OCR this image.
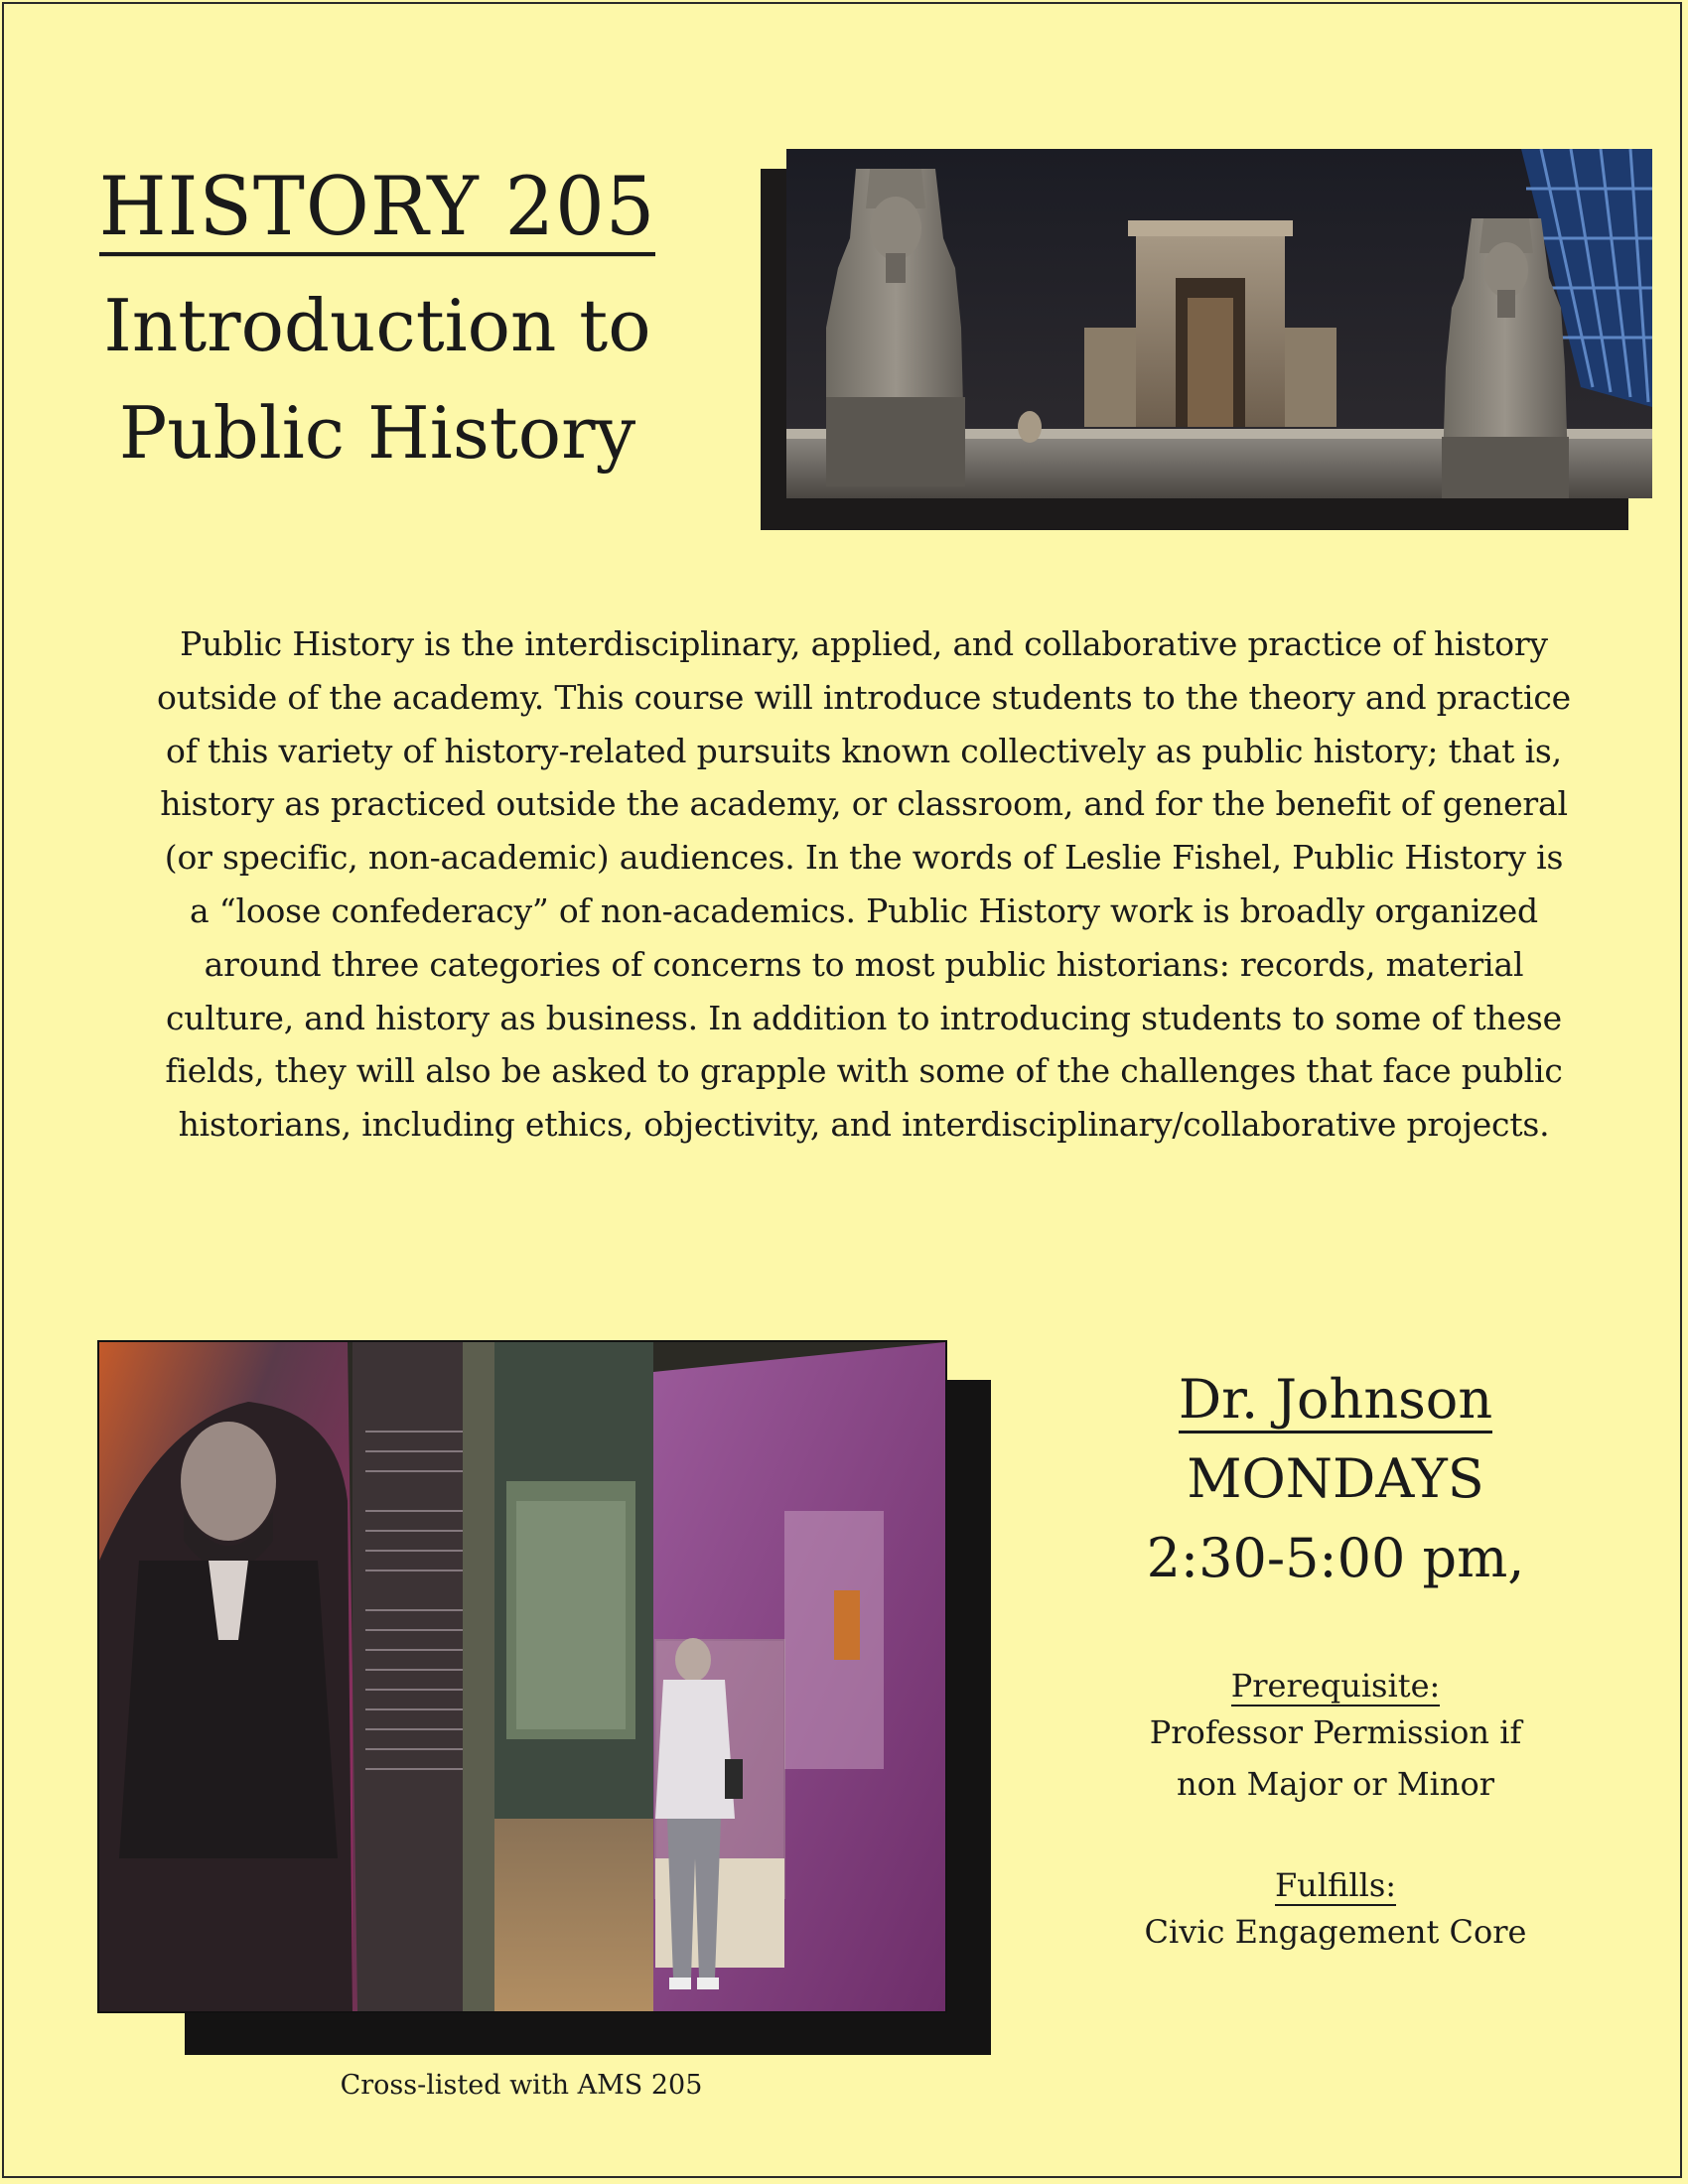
HISTORY 205
Introduction to
Public History
Public History is the interdisciplinary, applied, and collaborative practice of history
outside of the academy. This course will introduce students to the theory and practice
of this variety of history-related pursuits known collectively as public history; that is,
history as practiced outside the academy, or classroom, and for the benefit of general
(or specific, non-academic) audiences. In the words of Leslie Fishel, Public History is
a “loose confederacy” of non-academics. Public History work is broadly organized
around three categories of concerns to most public historians: records, material
culture, and history as business. In addition to introducing students to some of these
fields, they will also be asked to grapple with some of the challenges that face public
historians, including ethics, objectivity, and interdisciplinary/collaborative projects.
Cross-listed with AMS 205
Dr. Johnson
MONDAYS
2:30-5:00 pm,
Prerequisite:
Professor Permission if
non Major or Minor
Fulfills:
Civic Engagement Core
